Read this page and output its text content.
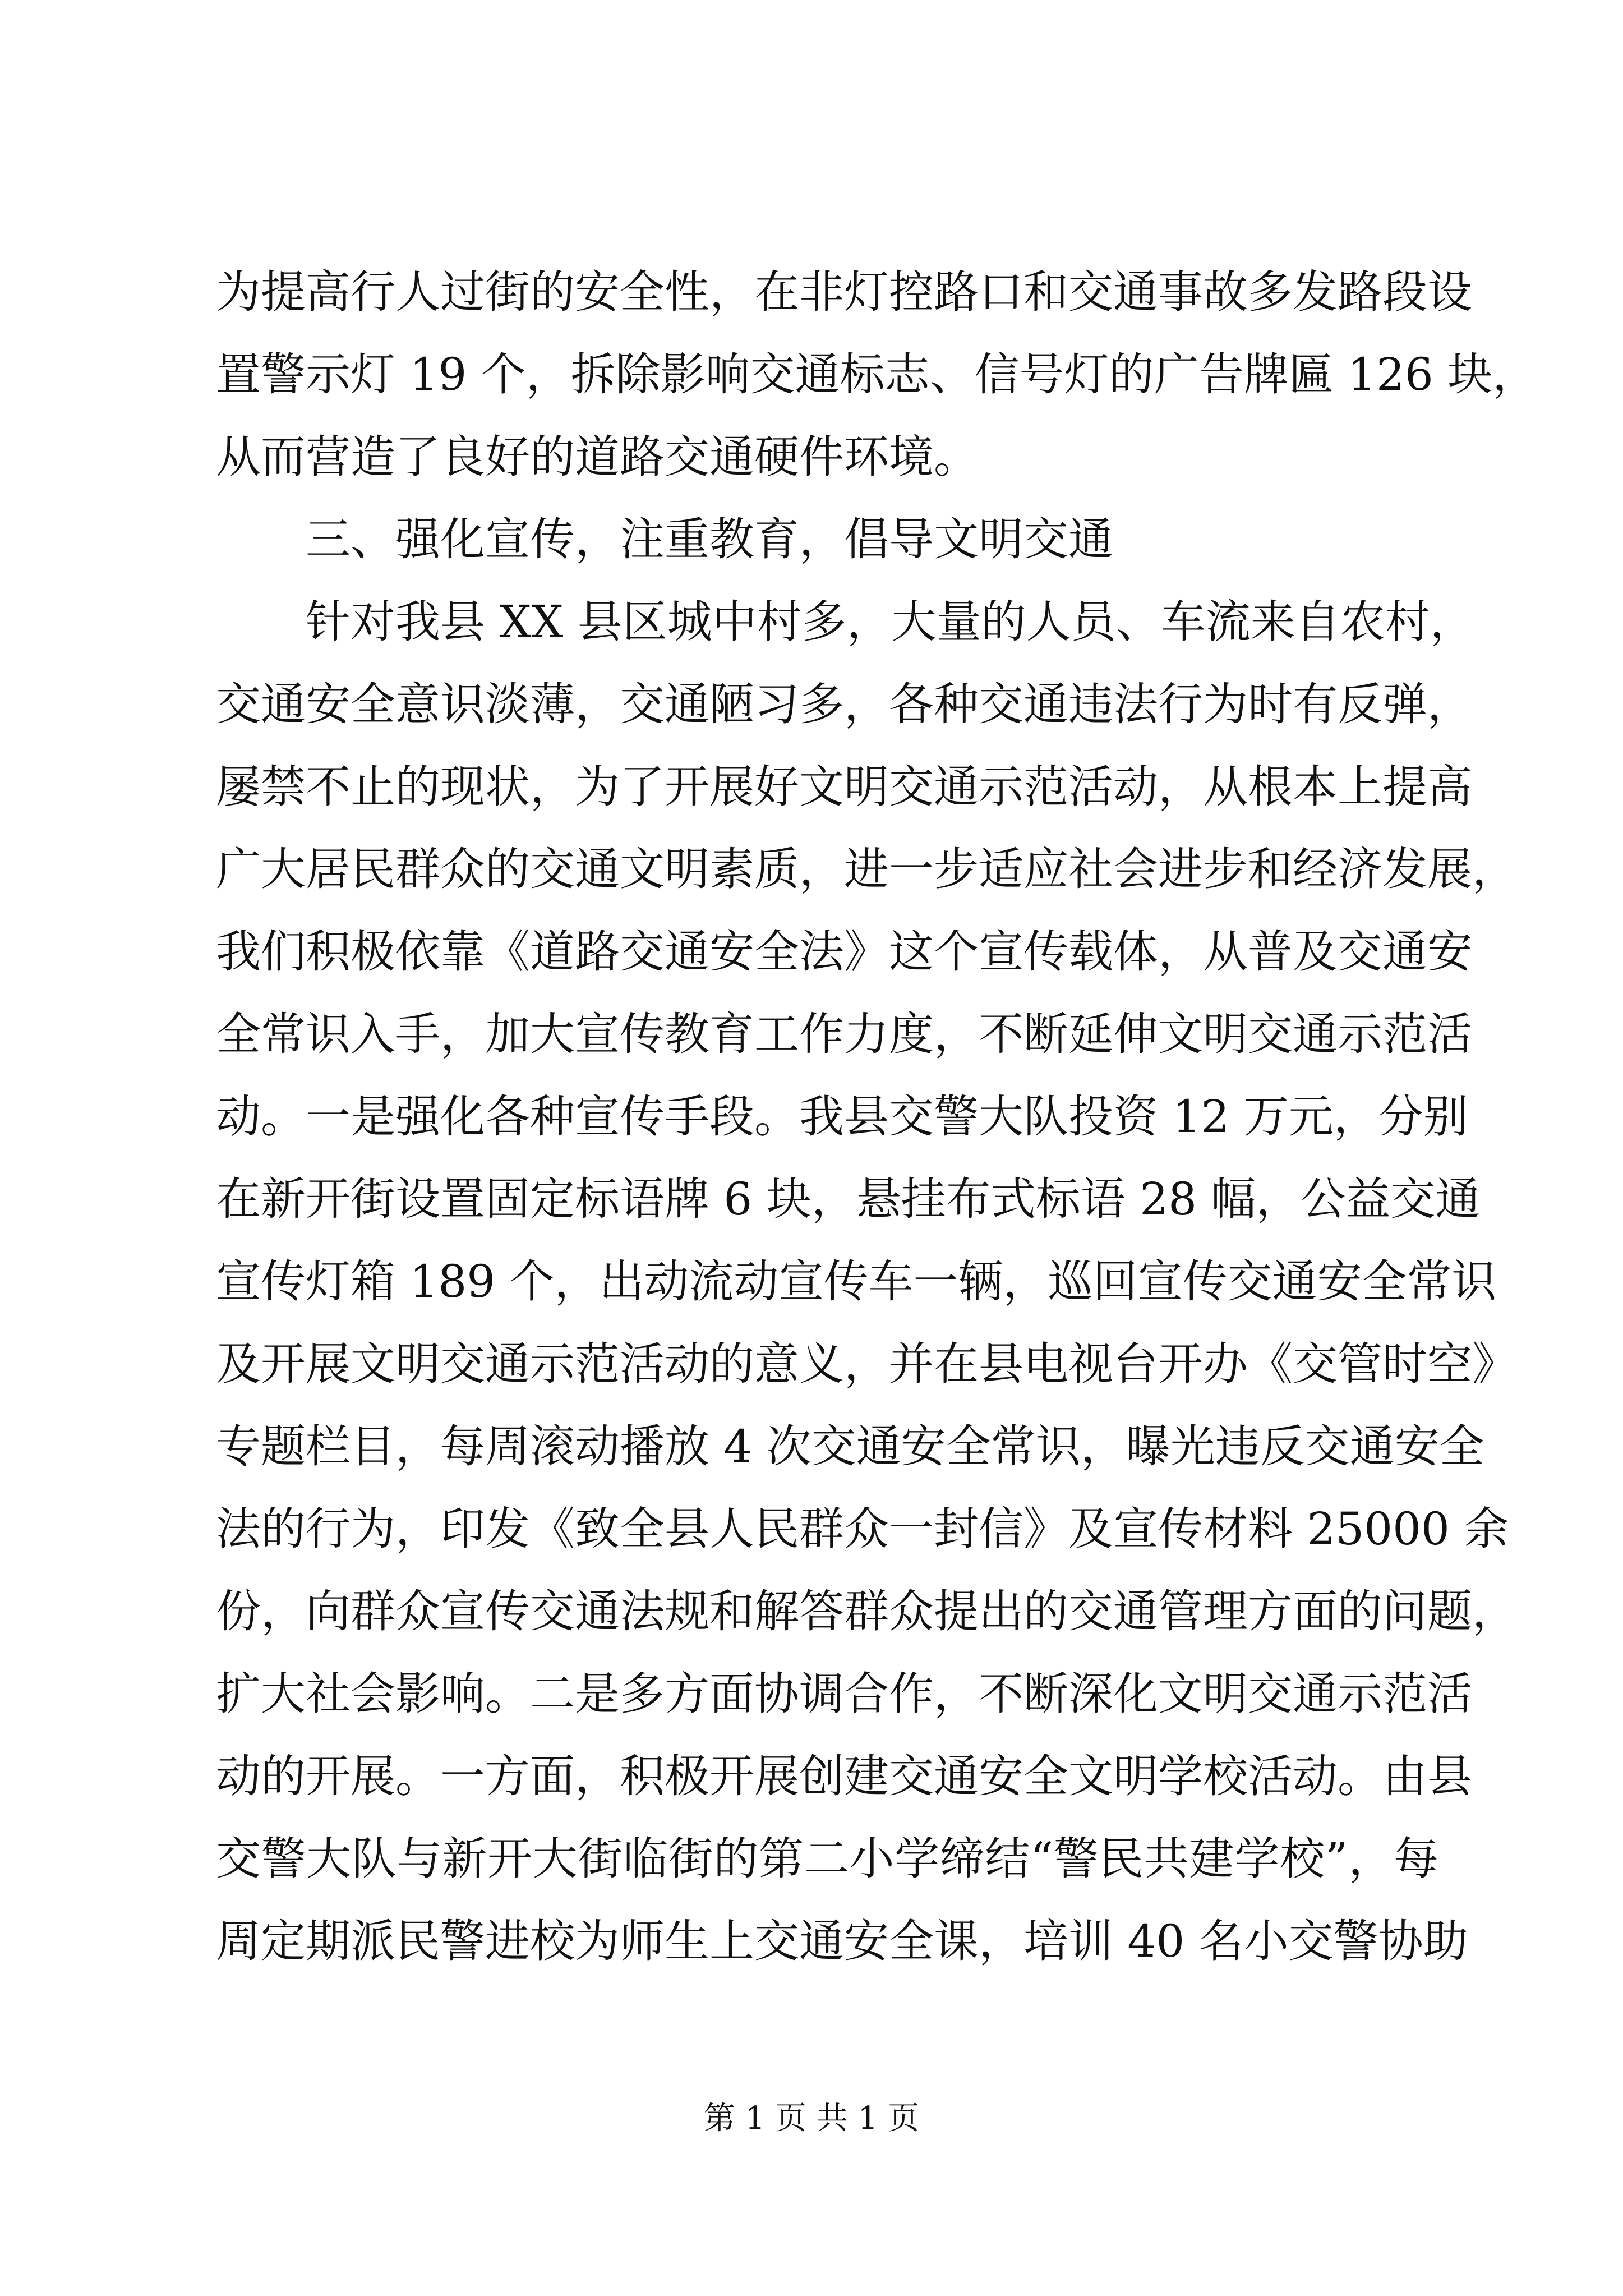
为提高行人过街的安全性，在非灯控路口和交通事故多发路段设
置警示灯 19 个，拆除影响交通标志、信号灯的广告牌匾 126 块，
从而营造了良好的道路交通硬件环境。
三、强化宣传，注重教育，倡导文明交通
针对我县 XX 县区城中村多，大量的人员、车流来自农村，
交通安全意识淡薄，交通陋习多，各种交通违法行为时有反弹，
屡禁不止的现状，为了开展好文明交通示范活动，从根本上提高
广大居民群众的交通文明素质，进一步适应社会进步和经济发展，
我们积极依靠《道路交通安全法》这个宣传载体，从普及交通安
全常识入手，加大宣传教育工作力度，不断延伸文明交通示范活
动。一是强化各种宣传手段。我县交警大队投资 12 万元，分别
在新开街设置固定标语牌 6 块，悬挂布式标语 28 幅，公益交通
宣传灯箱 189 个，出动流动宣传车一辆，巡回宣传交通安全常识
及开展文明交通示范活动的意义，并在县电视台开办《交管时空》
专题栏目，每周滚动播放 4 次交通安全常识，曝光违反交通安全
法的行为，印发《致全县人民群众一封信》及宣传材料 25000 余
份，向群众宣传交通法规和解答群众提出的交通管理方面的问题，
扩大社会影响。二是多方面协调合作，不断深化文明交通示范活
动的开展。一方面，积极开展创建交通安全文明学校活动。由县
交警大队与新开大街临街的第二小学缔结“警民共建学校”，每
周定期派民警进校为师生上交通安全课，培训 40 名小交警协助
第 1 页 共 1 页
